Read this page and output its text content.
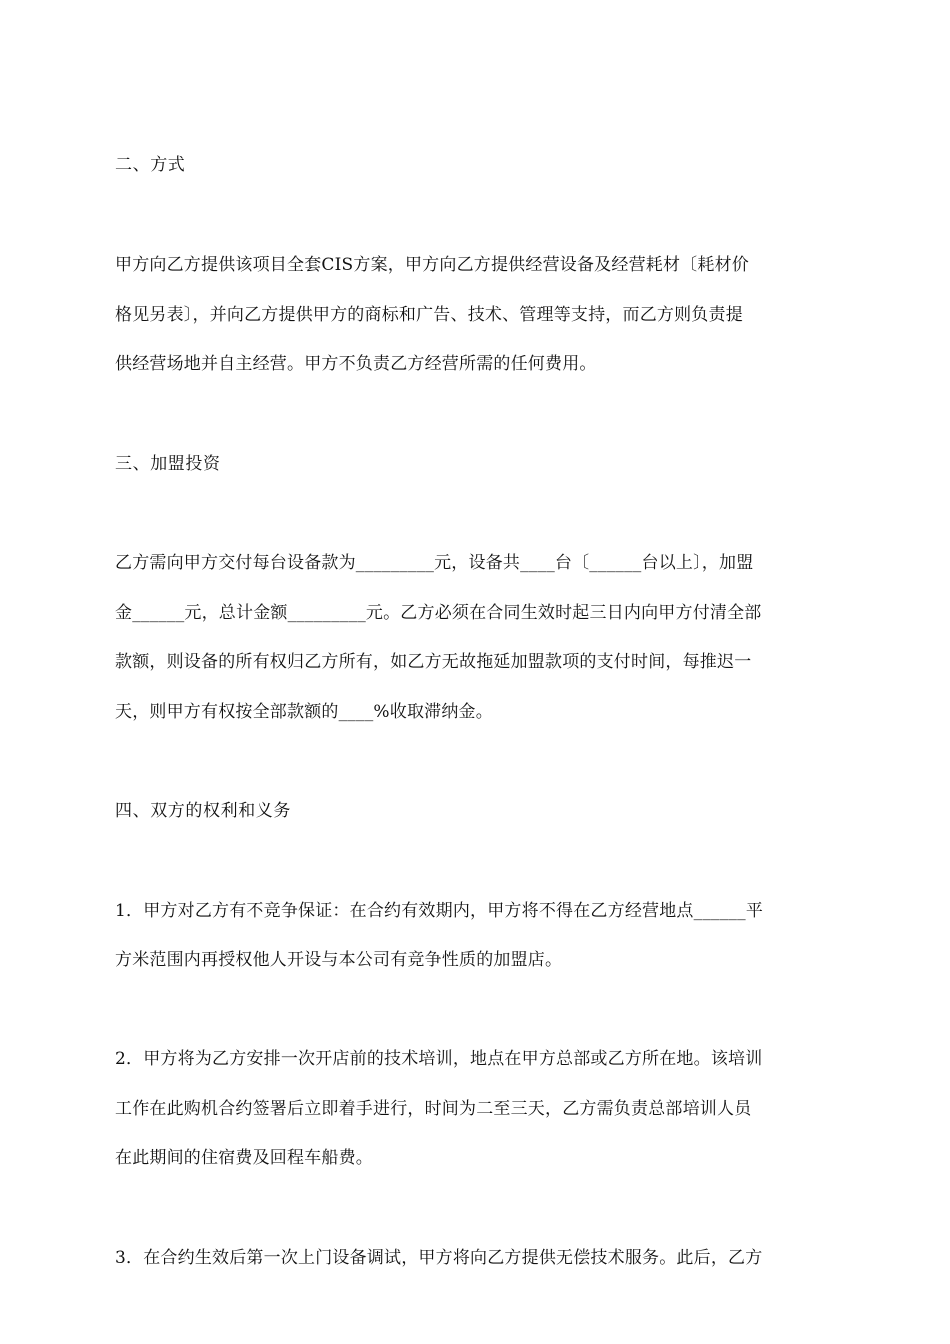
二、方式
甲方向乙方提供该项目全套CIS方案，甲方向乙方提供经营设备及经营耗材〔耗材价
格见另表〕，并向乙方提供甲方的商标和广告、技术、管理等支持，而乙方则负责提
供经营场地并自主经营。甲方不负责乙方经营所需的任何费用。
三、加盟投资
乙方需向甲方交付每台设备款为_________元，设备共____台〔______台以上〕，加盟
金______元，总计金额_________元。乙方必须在合同生效时起三日内向甲方付清全部
款额，则设备的所有权归乙方所有，如乙方无故拖延加盟款项的支付时间，每推迟一
天，则甲方有权按全部款额的____%收取滞纳金。
四、双方的权利和义务
1．甲方对乙方有不竞争保证：在合约有效期内，甲方将不得在乙方经营地点______平
方米范围内再授权他人开设与本公司有竞争性质的加盟店。
2．甲方将为乙方安排一次开店前的技术培训，地点在甲方总部或乙方所在地。该培训
工作在此购机合约签署后立即着手进行，时间为二至三天，乙方需负责总部培训人员
在此期间的住宿费及回程车船费。
3．在合约生效后第一次上门设备调试，甲方将向乙方提供无偿技术服务。此后，乙方
